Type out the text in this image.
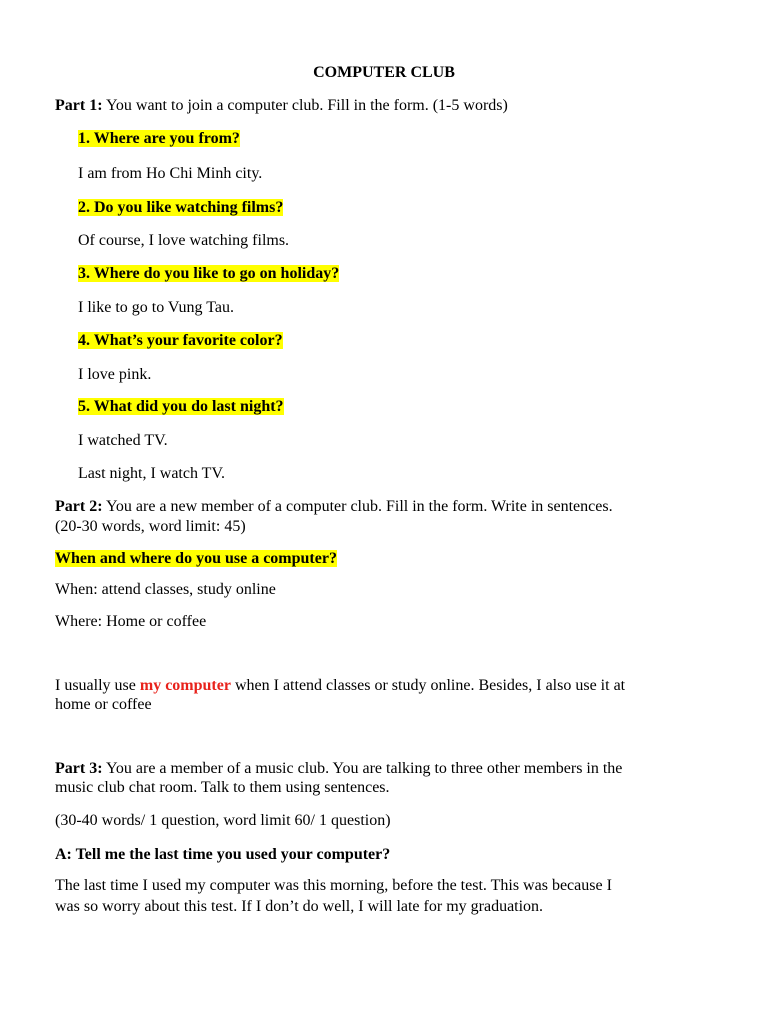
COMPUTER CLUB
Part 1: You want to join a computer club. Fill in the form. (1-5 words)
1. Where are you from?
I am from Ho Chi Minh city.
2. Do you like watching films?
Of course, I love watching films.
3. Where do you like to go on holiday?
I like to go to Vung Tau.
4. What’s your favorite color?
I love pink.
5. What did you do last night?
I watched TV.
Last night, I watch TV.
Part 2: You are a new member of a computer club. Fill in the form. Write in sentences.
(20-30 words, word limit: 45)
When and where do you use a computer?
When: attend classes, study online
Where: Home or coffee
I usually use my computer when I attend classes or study online. Besides, I also use it at
home or coffee
Part 3: You are a member of a music club. You are talking to three other members in the
music club chat room. Talk to them using sentences.
(30-40 words/ 1 question, word limit 60/ 1 question)
A: Tell me the last time you used your computer?
The last time I used my computer was this morning, before the test. This was because I
was so worry about this test. If I don’t do well, I will late for my graduation.
